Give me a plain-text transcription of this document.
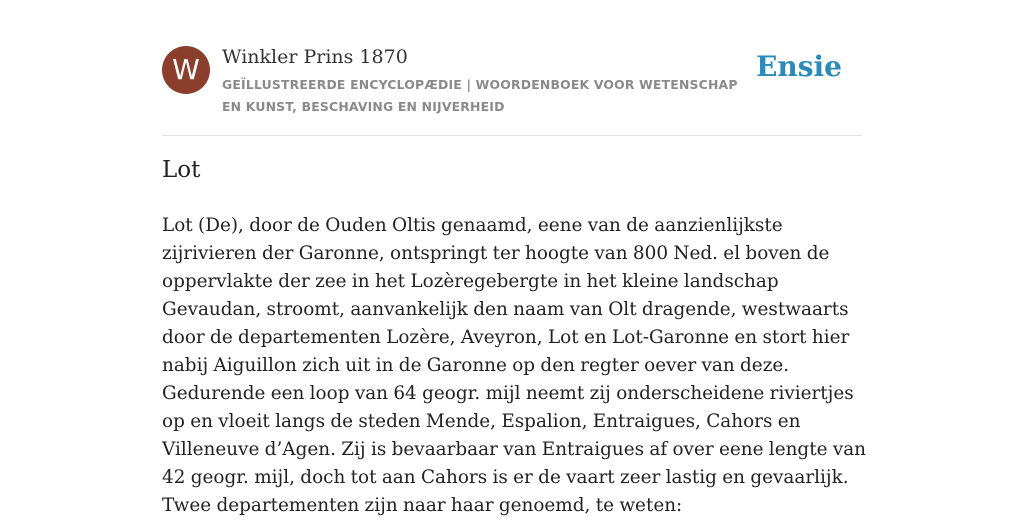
W	Winkler Prins 1870
GEÏLLUSTREERDE ENCYCLOPÆDIE | WOORDENBOEK VOOR WETENSCHAP EN KUNST, BESCHAVING EN NIJVERHEID
Ensie
Lot

Lot (De), door de Ouden Oltis genaamd, eene van de aanzienlijkste zijrivieren der Garonne, ontspringt ter hoogte van 800 Ned. el boven de oppervlakte der zee in het Lozèregebergte in het kleine landschap Gevaudan, stroomt, aanvankelijk den naam van Olt dragende, westwaarts door de departementen Lozère, Aveyron, Lot en Lot-Garonne en stort hier nabij Aiguillon zich uit in de Garonne op den regter oever van deze. Gedurende een loop van 64 geogr. mijl neemt zij onderscheidene riviertjes op en vloeit langs de steden Mende, Espalion, Entraigues, Cahors en Villeneuve d’Agen. Zij is bevaarbaar van Entraigues af over eene lengte van 42 geogr. mijl, doch tot aan Cahors is er de vaart zeer lastig en gevaarlijk. Twee departementen zijn naar haar genoemd, te weten:
